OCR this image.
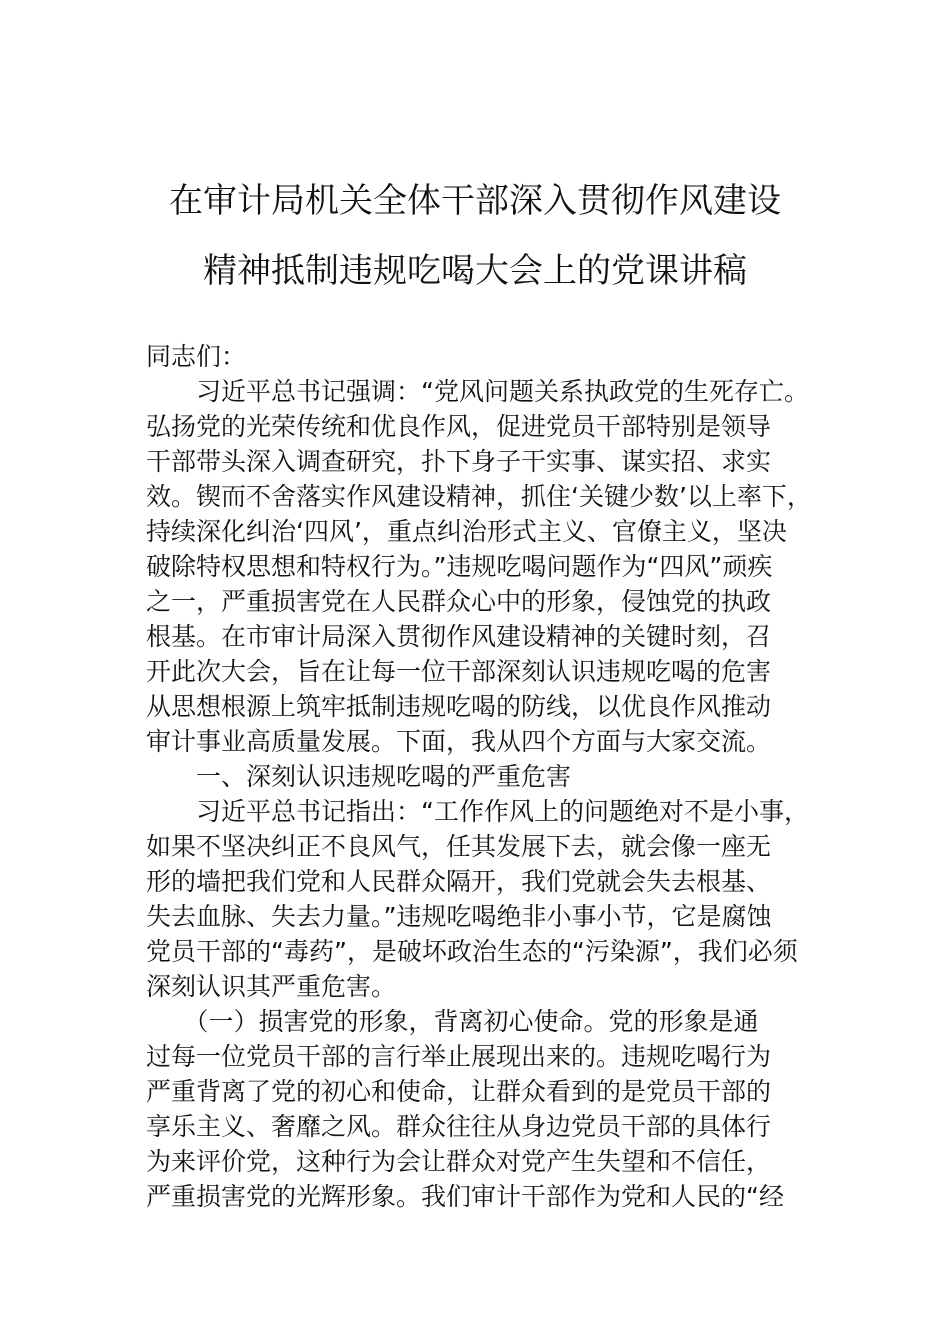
在审计局机关全体干部深入贯彻作风建设
精神抵制违规吃喝大会上的党课讲稿
同志们：
　　习近平总书记强调：“党风问题关系执政党的生死存亡。
弘扬党的光荣传统和优良作风，促进党员干部特别是领导
干部带头深入调查研究，扑下身子干实事、谋实招、求实
效。锲而不舍落实作风建设精神，抓住‘关键少数’以上率下，
持续深化纠治‘四风’，重点纠治形式主义、官僚主义，坚决
破除特权思想和特权行为。”违规吃喝问题作为“四风”顽疾
之一，严重损害党在人民群众心中的形象，侵蚀党的执政
根基。在市审计局深入贯彻作风建设精神的关键时刻，召
开此次大会，旨在让每一位干部深刻认识违规吃喝的危害
从思想根源上筑牢抵制违规吃喝的防线，以优良作风推动
审计事业高质量发展。下面，我从四个方面与大家交流。
　　一、深刻认识违规吃喝的严重危害
　　习近平总书记指出：“工作作风上的问题绝对不是小事，
如果不坚决纠正不良风气，任其发展下去，就会像一座无
形的墙把我们党和人民群众隔开，我们党就会失去根基、
失去血脉、失去力量。”违规吃喝绝非小事小节，它是腐蚀
党员干部的“毒药”，是破坏政治生态的“污染源”，我们必须
深刻认识其严重危害。
　　（一）损害党的形象，背离初心使命。党的形象是通
过每一位党员干部的言行举止展现出来的。违规吃喝行为
严重背离了党的初心和使命，让群众看到的是党员干部的
享乐主义、奢靡之风。群众往往从身边党员干部的具体行
为来评价党，这种行为会让群众对党产生失望和不信任，
严重损害党的光辉形象。我们审计干部作为党和人民的“经
